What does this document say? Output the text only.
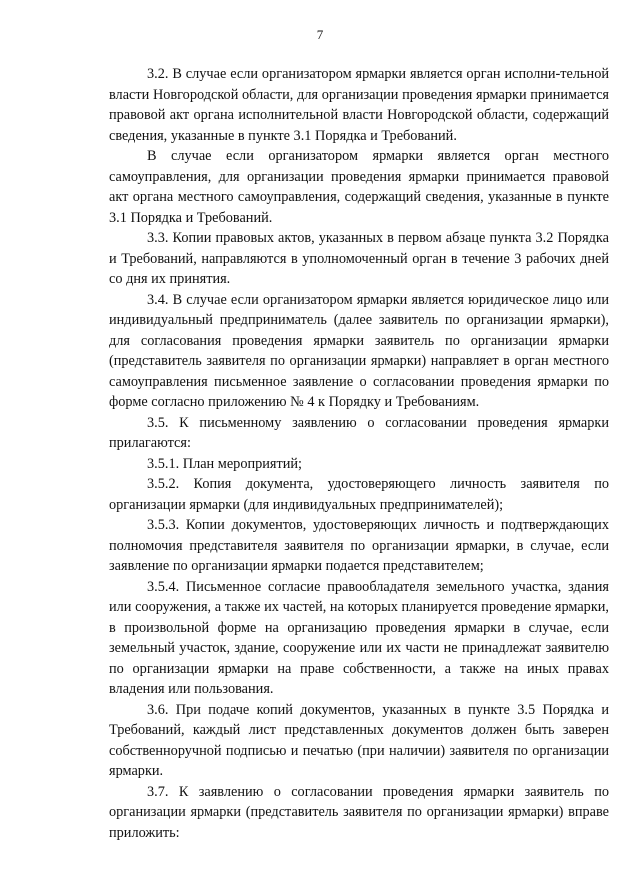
7

3.2. В случае если организатором ярмарки является орган исполни-тельной власти Новгородской области, для организации проведения ярмарки принимается правовой акт органа исполнительной власти Новгородской области, содержащий сведения, указанные в пункте 3.1 Порядка и Требований.

В случае если организатором ярмарки является орган местного самоуправления, для организации проведения ярмарки принимается правовой акт органа местного самоуправления, содержащий сведения, указанные в пункте 3.1 Порядка и Требований.

3.3. Копии правовых актов, указанных в первом абзаце пункта 3.2 Порядка и Требований, направляются в уполномоченный орган в течение 3 рабочих дней со дня их принятия.

3.4. В случае если организатором ярмарки является юридическое лицо или индивидуальный предприниматель (далее заявитель по организации ярмарки), для согласования проведения ярмарки заявитель по организации ярмарки (представитель заявителя по организации ярмарки) направляет в орган местного самоуправления письменное заявление о согласовании проведения ярмарки по форме согласно приложению № 4 к Порядку и Требованиям.

3.5. К письменному заявлению о согласовании проведения ярмарки прилагаются:

3.5.1. План мероприятий;

3.5.2. Копия документа, удостоверяющего личность заявителя по организации ярмарки (для индивидуальных предпринимателей);

3.5.3. Копии документов, удостоверяющих личность и подтверждающих полномочия представителя заявителя по организации ярмарки, в случае, если заявление по организации ярмарки подается представителем;

3.5.4. Письменное согласие правообладателя земельного участка, здания или сооружения, а также их частей, на которых планируется проведение ярмарки, в произвольной форме на организацию проведения ярмарки в случае, если земельный участок, здание, сооружение или их части не принадлежат заявителю по организации ярмарки на праве собственности, а также на иных правах владения или пользования.

3.6. При подаче копий документов, указанных в пункте 3.5 Порядка и Требований, каждый лист представленных документов должен быть заверен собственноручной подписью и печатью (при наличии) заявителя по организации ярмарки.

3.7. К заявлению о согласовании проведения ярмарки заявитель по организации ярмарки (представитель заявителя по организации ярмарки) вправе приложить:
